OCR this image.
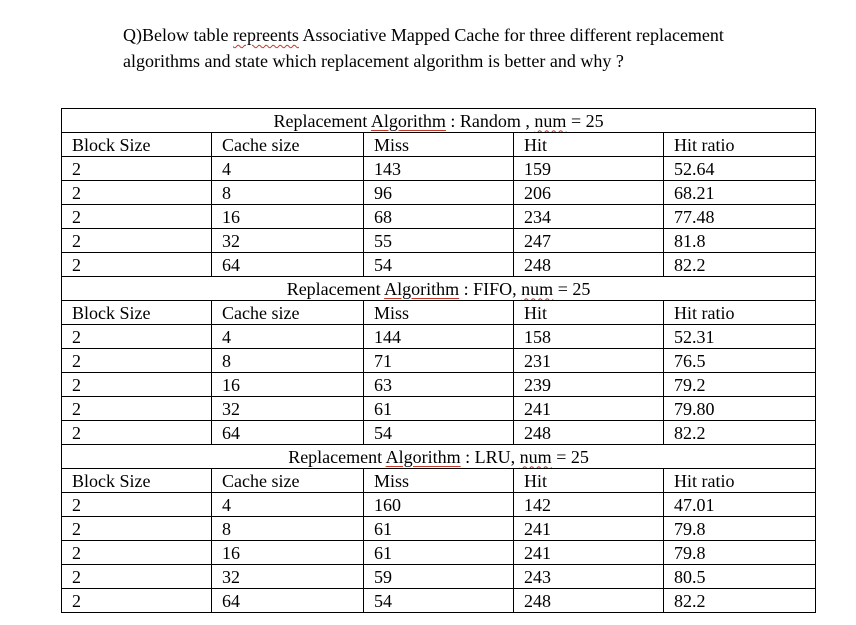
Q)Below table repreents Associative Mapped Cache for three different replacement
algorithms and state which replacement algorithm is better and why ?
Replacement Algorithm : Random , num = 25				
Block Size	Cache size	Miss	Hit	Hit ratio
2	4	143	159	52.64
2	8	96	206	68.21
2	16	68	234	77.48
2	32	55	247	81.8
2	64	54	248	82.2
Replacement Algorithm : FIFO, num = 25				
Block Size	Cache size	Miss	Hit	Hit ratio
2	4	144	158	52.31
2	8	71	231	76.5
2	16	63	239	79.2
2	32	61	241	79.80
2	64	54	248	82.2
Replacement Algorithm : LRU, num = 25				
Block Size	Cache size	Miss	Hit	Hit ratio
2	4	160	142	47.01
2	8	61	241	79.8
2	16	61	241	79.8
2	32	59	243	80.5
2	64	54	248	82.2
